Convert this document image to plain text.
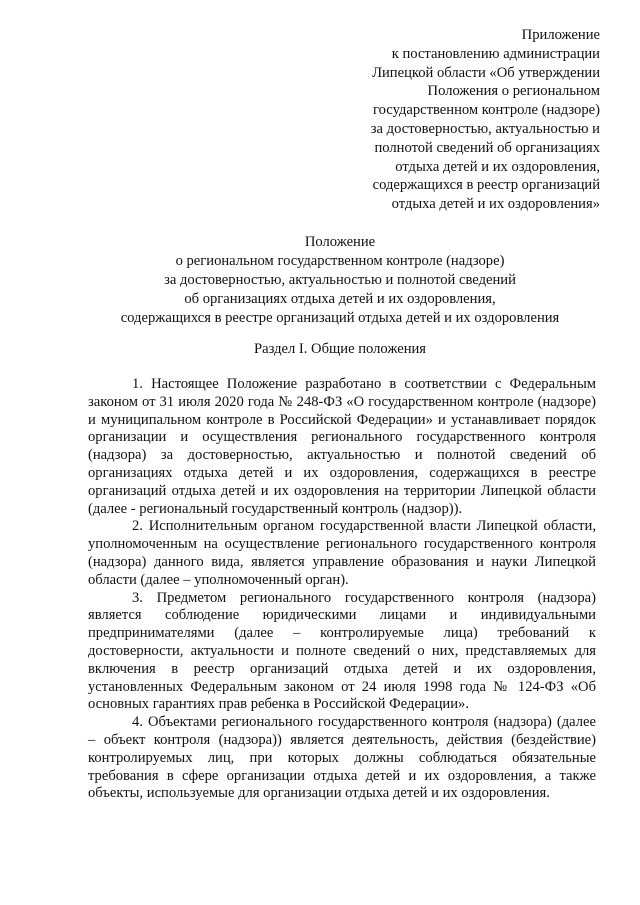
Приложение
к постановлению администрации
Липецкой области «Об утверждении
Положения о региональном
государственном контроле (надзоре)
за достоверностью, актуальностью и
полнотой сведений об организациях
отдыха детей и их оздоровления,
содержащихся в реестр организаций
отдыха детей и их оздоровления»
Положение
о региональном государственном контроле (надзоре)
за достоверностью, актуальностью и полнотой сведений
об организациях отдыха детей и их оздоровления,
содержащихся в реестре организаций отдыха детей и их оздоровления
Раздел I. Общие положения

1. Настоящее Положение разработано в соответствии с Федеральным законом от 31 июля 2020 года № 248-ФЗ «О государственном контроле (надзоре) и муниципальном контроле в Российской Федерации» и устанавливает порядок организации и осуществления регионального государственного контроля (надзора) за достоверностью, актуальностью и полнотой сведений об организациях отдыха детей и их оздоровления, содержащихся в реестре организаций отдыха детей и их оздоровления на территории Липецкой области (далее - региональный государственный контроль (надзор)).

2. Исполнительным органом государственной власти Липецкой области, уполномоченным на осуществление регионального государственного контроля (надзора) данного вида, является управление образования и науки Липецкой области (далее – уполномоченный орган).

3. Предметом регионального государственного контроля (надзора) является соблюдение юридическими лицами и индивидуальными предпринимателями (далее – контролируемые лица) требований к достоверности, актуальности и полноте сведений о них, представляемых для включения в реестр организаций отдыха детей и их оздоровления, установленных Федеральным законом от 24 июля 1998 года № 124-ФЗ «Об основных гарантиях прав ребенка в Российской Федерации».

4. Объектами регионального государственного контроля (надзора) (далее – объект контроля (надзора)) является деятельность, действия (бездействие) контролируемых лиц, при которых должны соблюдаться обязательные требования в сфере организации отдыха детей и их оздоровления, а также объекты, используемые для организации отдыха детей и их оздоровления.
